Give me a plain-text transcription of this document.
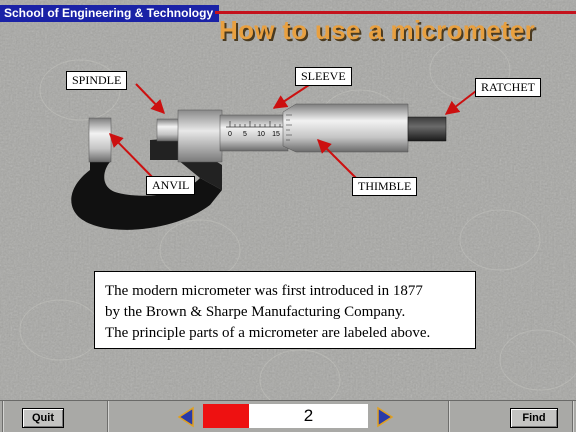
School of Engineering & Technology
How to use a micrometer
0 5 10 15
SPINDLE	SLEEVE
RATCHET
ANVIL	THIMBLE
The modern micrometer was first introduced in 1877
by the Brown & Sharpe Manufacturing Company.
The principle parts of a micrometer are labeled above.
Quit	Find
2
